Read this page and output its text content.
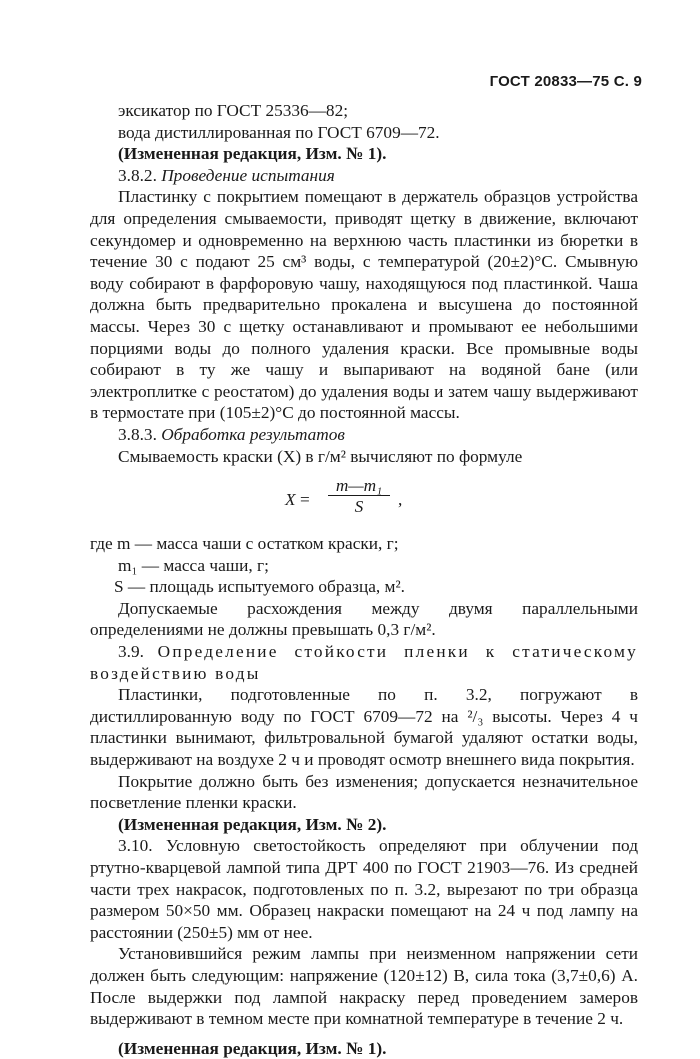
ГОСТ 20833—75 С. 9
эксикатор по ГОСТ 25336—82;
вода дистиллированная по ГОСТ 6709—72.
(Измененная редакция, Изм. № 1).
3.8.2. Проведение испытания
Пластинку с покрытием помещают в держатель образцов устройства для определения смываемости, приводят щетку в движение, включают секундомер и одновременно на верхнюю часть пластинки из бюретки в течение 30 с подают 25 см³ воды, с температурой (20±2)°С. Смывную воду собирают в фарфоровую чашу, находящуюся под пластинкой. Чаша должна быть предварительно прокалена и высушена до постоянной массы. Через 30 с щетку останавливают и промывают ее небольшими порциями воды до полного удаления краски. Все промывные воды собирают в ту же чашу и выпаривают на водяной бане (или электроплитке с реостатом) до удаления воды и затем чашу выдерживают в термостате при (105±2)°С до постоянной массы.
3.8.3. Обработка результатов
Смываемость краски (X) в г/м² вычисляют по формуле
$X = \frac{\text{m—m₁}}{S}$ ,
где m — масса чаши с остатком краски, г;
m₁ — масса чаши, г;
S — площадь испытуемого образца, м².
Допускаемые расхождения между двумя параллельными определениями не должны превышать 0,3 г/м².
3.9. Определение стойкости пленки к статическому воздействию воды
Пластинки, подготовленные по п. 3.2, погружают в дистиллированную воду по ГОСТ 6709—72 на ²/₃ высоты. Через 4 ч пластинки вынимают, фильтровальной бумагой удаляют остатки воды, выдерживают на воздухе 2 ч и проводят осмотр внешнего вида покрытия.
Покрытие должно быть без изменения; допускается незначительное посветление пленки краски.
(Измененная редакция, Изм. № 2).
3.10. Условную светостойкость определяют при облучении под ртутно-кварцевой лампой типа ДРТ 400 по ГОСТ 21903—76. Из средней части трех накрасок, подготовленых по п. 3.2, вырезают по три образца размером 50×50 мм. Образец накраски помещают на 24 ч под лампу на расстоянии (250±5) мм от нее.
Установившийся режим лампы при неизменном напряжении сети должен быть следующим: напряжение (120±12) В, сила тока (3,7±0,6) А. После выдержки под лампой накраску перед проведением замеров выдерживают в темном месте при комнатной температуре в течение 2 ч.
(Измененная редакция, Изм. № 1).
